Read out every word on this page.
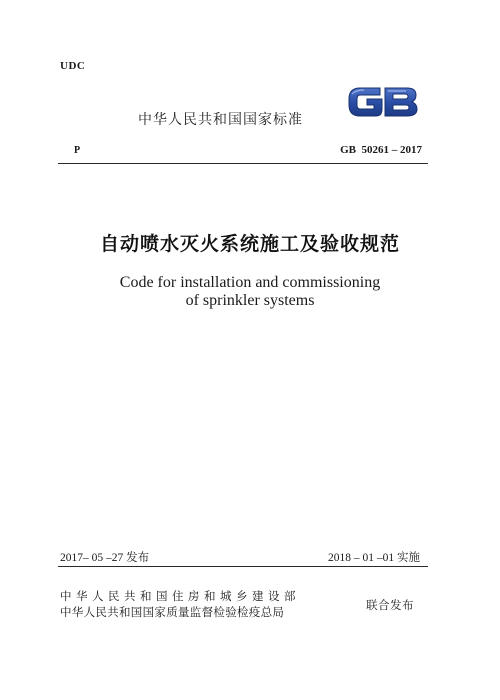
UDC
中华人民共和国国家标准
P	GB  50261 – 2017
自动喷水灭火系统施工及验收规范
Code for installation and commissioning
of sprinkler systems
2017– 05 –27 发布	2018 – 01 –01 实施
中华人民共和国住房和城乡建设部
中华人民共和国国家质量监督检验检疫总局	联合发布
